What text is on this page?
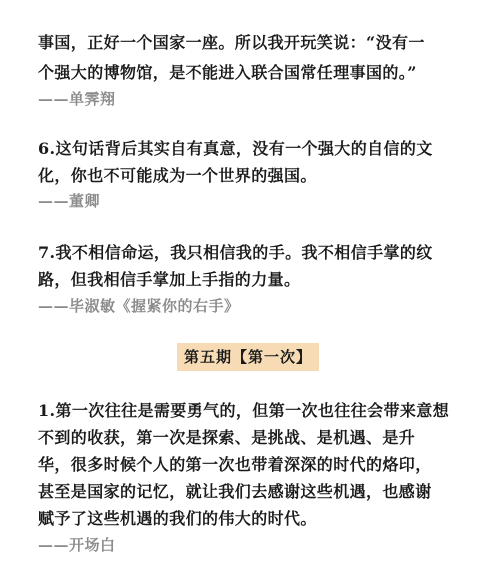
事国，正好一个国家一座。所以我开玩笑说：“没有一
个强大的博物馆，是不能进入联合国常任理事国的。”
——单霁翔
6.这句话背后其实自有真意，没有一个强大的自信的文
化，你也不可能成为一个世界的强国。
——董卿
7.我不相信命运，我只相信我的手。我不相信手掌的纹
路，但我相信手掌加上手指的力量。
——毕淑敏《握紧你的右手》
第五期【第一次】
1.第一次往往是需要勇气的，但第一次也往往会带来意想
不到的收获，第一次是探索、是挑战、是机遇、是升
华，很多时候个人的第一次也带着深深的时代的烙印，
甚至是国家的记忆，就让我们去感谢这些机遇，也感谢
赋予了这些机遇的我们的伟大的时代。
——开场白
